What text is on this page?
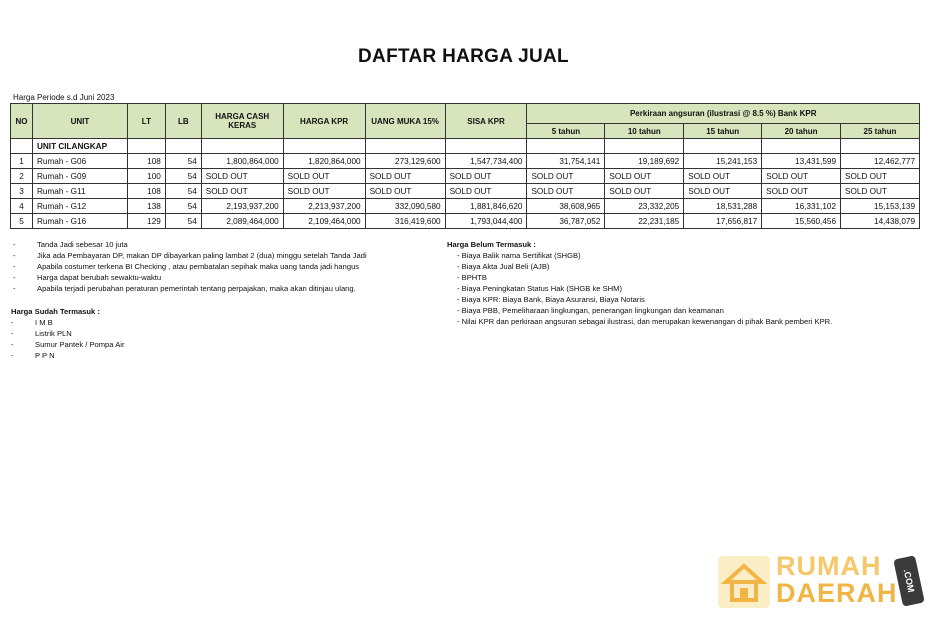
DAFTAR HARGA JUAL
Harga Periode s.d Juni 2023
NO	UNIT	LT	LB	HARGA CASH KERAS	HARGA KPR	UANG MUKA 15%	SISA KPR	Perkiraan angsuran (ilustrasi @ 8.5 %) Bank KPR				
								5 tahun	10 tahun	15 tahun	20 tahun	25 tahun
	UNIT CILANGKAP											
1	Rumah - G06	108	54	1,800,864,000	1,820,864,000	273,129,600	1,547,734,400	31,754,141	19,189,692	15,241,153	13,431,599	12,462,777
2	Rumah - G09	100	54	SOLD OUT	SOLD OUT	SOLD OUT	SOLD OUT	SOLD OUT	SOLD OUT	SOLD OUT	SOLD OUT	SOLD OUT
3	Rumah - G11	108	54	SOLD OUT	SOLD OUT	SOLD OUT	SOLD OUT	SOLD OUT	SOLD OUT	SOLD OUT	SOLD OUT	SOLD OUT
4	Rumah - G12	138	54	2,193,937,200	2,213,937,200	332,090,580	1,881,846,620	38,608,965	23,332,205	18,531,288	16,331,102	15,153,139
5	Rumah - G16	129	54	2,089,464,000	2,109,464,000	316,419,600	1,793,044,400	36,787,052	22,231,185	17,656,817	15,560,456	14,438,079
-	Tanda Jadi sebesar 10 juta
-	Jika ada Pembayaran DP, makan DP dibayarkan paling lambat 2 (dua) minggu setelah Tanda Jadi
-	Apabila costumer terkena BI Checking , atau pembatalan sepihak maka uang tanda jadi hangus
-	Harga dapat berubah sewaktu-waktu
-	Apabila terjadi perubahan peraturan pemerintah tentang perpajakan, maka akan ditinjau ulang.
Harga Sudah Termasuk :
-	I M B
-	Listrik PLN
-	Sumur Pantek / Pompa Air
-	P P N
Harga Belum Termasuk :
- Biaya Balik nama Sertifikat (SHGB)
- Biaya Akta Jual Beli (AJB)
- BPHTB
- Biaya Peningkatan Status Hak (SHGB ke SHM)
- Biaya KPR: Biaya Bank, Biaya Asuransi, Biaya Notaris
- Biaya PBB, Pemeliharaan lingkungan, penerangan lingkungan dan keamanan
- Nilai KPR dan perkiraan angsuran sebagai ilustrasi, dan merupakan kewenangan di pihak Bank pemberi KPR.
RUMAH
DAERAH .COM
